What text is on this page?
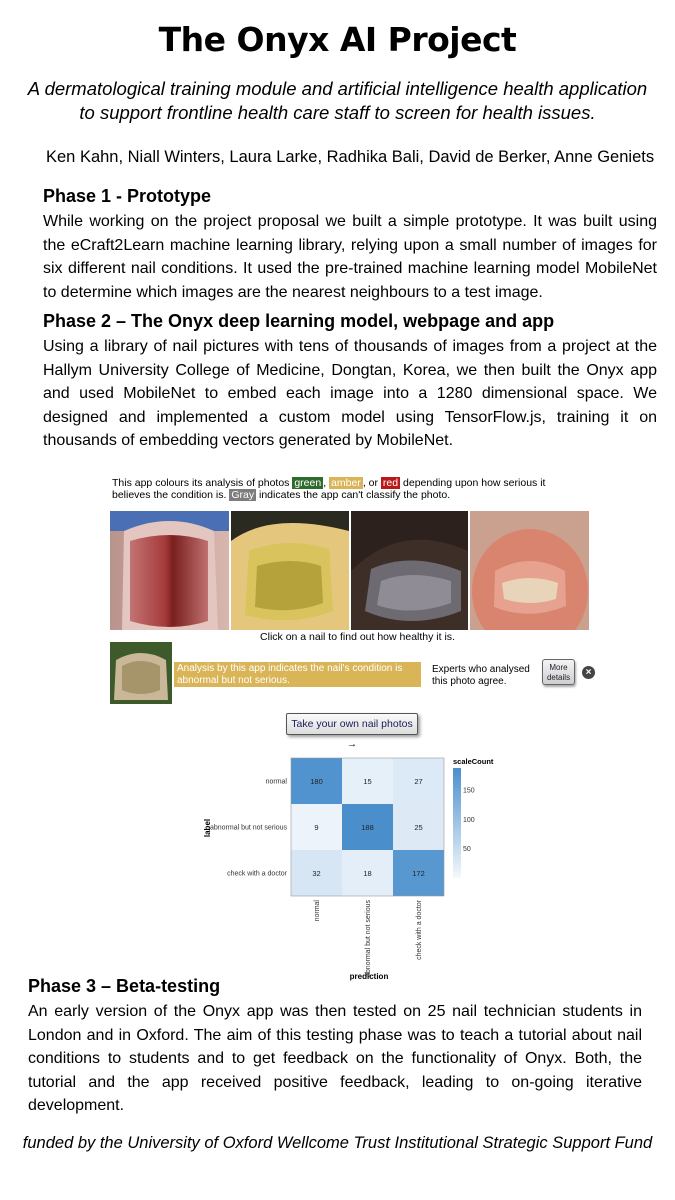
The Onyx AI Project
A dermatological training module and artificial intelligence health application to support frontline health care staff to screen for health issues.
Ken Kahn, Niall Winters, Laura Larke, Radhika Bali, David de Berker, Anne Geniets
Phase 1 - Prototype
While working on the project proposal we built a simple prototype. It was built using the eCraft2Learn machine learning library, relying upon a small number of images for six different nail conditions. It used the pre-trained machine learning model MobileNet to determine which images are the nearest neighbours to a test image.
Phase 2 – The Onyx deep learning model, webpage and app
Using a library of nail pictures with tens of thousands of images from a project at the Hallym University College of Medicine, Dongtan, Korea, we then built the Onyx app and used MobileNet to embed each image into a 1280 dimensional space. We designed and implemented a custom model using TensorFlow.js, training it on thousands of embedding vectors generated by MobileNet.
This app colours its analysis of photos green , amber , or red depending upon how serious it believes the condition is. Gray indicates the app can't classify the photo.
Click on a nail to find out how healthy it is.
Analysis by this app indicates the nail's condition is abnormal but not serious.
Experts who analysed this photo agree.
More details	×
Take your own nail photos →
180	15	27
9	188	25
32	18	172
normal
abnormal but not serious
check with a doctor
normal	abnormal but not serious	check with a doctor
prediction
label
scaleCount
150
100
50
Phase 3 – Beta-testing
An early version of the Onyx app was then tested on 25 nail technician students in London and in Oxford. The aim of this testing phase was to teach a tutorial about nail conditions to students and to get feedback on the functionality of Onyx. Both, the tutorial and the app received positive feedback, leading to on-going iterative development.
funded by the University of Oxford Wellcome Trust Institutional Strategic Support Fund
